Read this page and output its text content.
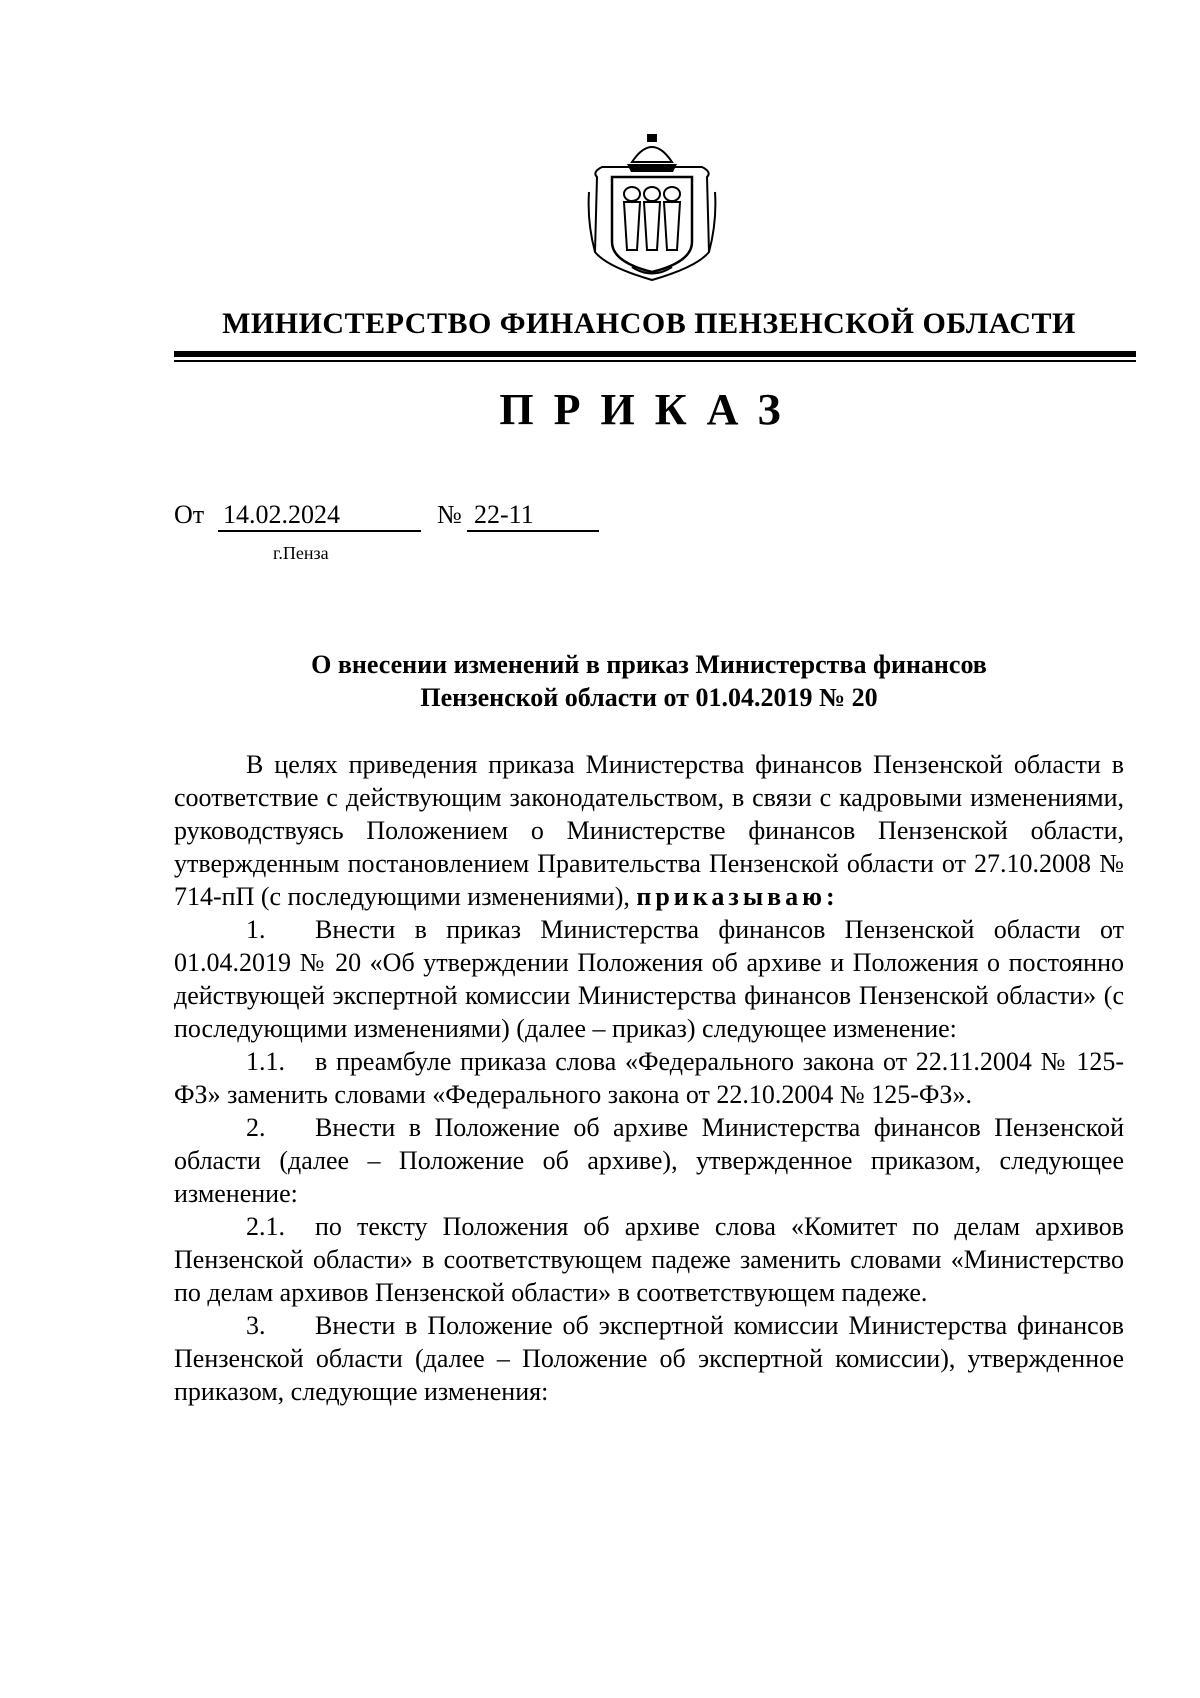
МИНИСТЕРСТВО ФИНАНСОВ ПЕНЗЕНСКОЙ ОБЛАСТИ
ПРИКАЗ
От 14.02.2024	№ 22-11
г.Пенза
О внесении изменений в приказ Министерства финансов
Пензенской области от 01.04.2019 № 20

В целях приведения приказа Министерства финансов Пензенской области в соответствие с действующим законодательством, в связи с кадровыми изменениями, руководствуясь Положением о Министерстве финансов Пензенской области, утвержденным постановлением Правительства Пензенской области от 27.10.2008 № 714-пП (с последующими изменениями), приказываю:

1. Внести в приказ Министерства финансов Пензенской области от 01.04.2019 № 20 «Об утверждении Положения об архиве и Положения о постоянно действующей экспертной комиссии Министерства финансов Пензенской области» (с последующими изменениями) (далее – приказ) следующее изменение:

1.1. в преамбуле приказа слова «Федерального закона от 22.11.2004 № 125-ФЗ» заменить словами «Федерального закона от 22.10.2004 № 125-ФЗ».

2. Внести в Положение об архиве Министерства финансов Пензенской области (далее – Положение об архиве), утвержденное приказом, следующее изменение:

2.1. по тексту Положения об архиве слова «Комитет по делам архивов Пензенской области» в соответствующем падеже заменить словами «Министерство по делам архивов Пензенской области» в соответствующем падеже.

3. Внести в Положение об экспертной комиссии Министерства финансов Пензенской области (далее – Положение об экспертной комиссии), утвержденное приказом, следующие изменения:
